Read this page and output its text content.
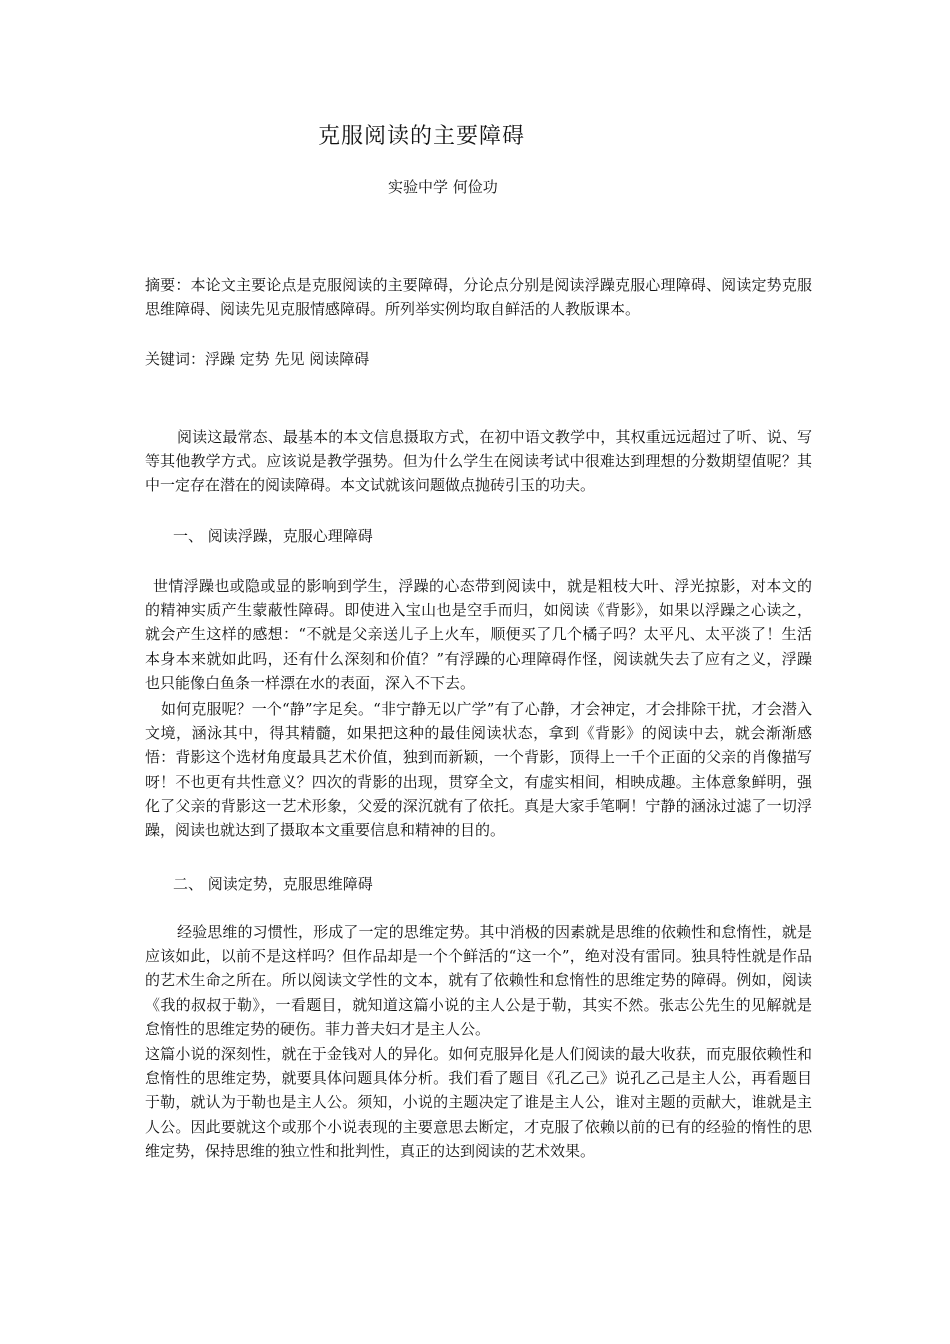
克服阅读的主要障碍
实验中学 何俭功
摘要：本论文主要论点是克服阅读的主要障碍，分论点分别是阅读浮躁克服心理障碍、阅读定势克服思维障碍、阅读先见克服情感障碍。所列举实例均取自鲜活的人教版课本。
关键词：浮躁 定势 先见 阅读障碍
阅读这最常态、最基本的本文信息摄取方式，在初中语文教学中，其权重远远超过了听、说、写等其他教学方式。应该说是教学强势。但为什么学生在阅读考试中很难达到理想的分数期望值呢？其中一定存在潜在的阅读障碍。本文试就该问题做点抛砖引玉的功夫。
一、 阅读浮躁，克服心理障碍
世情浮躁也或隐或显的影响到学生，浮躁的心态带到阅读中，就是粗枝大叶、浮光掠影，对本文的的精神实质产生蒙蔽性障碍。即使进入宝山也是空手而归，如阅读《背影》，如果以浮躁之心读之，就会产生这样的感想：“不就是父亲送儿子上火车，顺便买了几个橘子吗？太平凡、太平淡了！生活本身本来就如此吗，还有什么深刻和价值？”有浮躁的心理障碍作怪，阅读就失去了应有之义，浮躁也只能像白鱼条一样漂在水的表面，深入不下去。
如何克服呢？一个“静”字足矣。“非宁静无以广学”有了心静，才会神定，才会排除干扰，才会潜入文境，涵泳其中，得其精髓，如果把这种的最佳阅读状态，拿到《背影》的阅读中去，就会渐渐感悟：背影这个选材角度最具艺术价值，独到而新颖，一个背影，顶得上一千个正面的父亲的肖像描写呀！不也更有共性意义？四次的背影的出现，贯穿全文，有虚实相间，相映成趣。主体意象鲜明，强化了父亲的背影这一艺术形象，父爱的深沉就有了依托。真是大家手笔啊！宁静的涵泳过滤了一切浮躁，阅读也就达到了摄取本文重要信息和精神的目的。
二、 阅读定势，克服思维障碍
经验思维的习惯性，形成了一定的思维定势。其中消极的因素就是思维的依赖性和怠惰性，就是应该如此，以前不是这样吗？但作品却是一个个鲜活的“这一个”，绝对没有雷同。独具特性就是作品的艺术生命之所在。所以阅读文学性的文本，就有了依赖性和怠惰性的思维定势的障碍。例如，阅读《我的叔叔于勒》，一看题目，就知道这篇小说的主人公是于勒，其实不然。张志公先生的见解就是怠惰性的思维定势的硬伤。菲力普夫妇才是主人公。
这篇小说的深刻性，就在于金钱对人的异化。如何克服异化是人们阅读的最大收获，而克服依赖性和怠惰性的思维定势，就要具体问题具体分析。我们看了题目《孔乙己》说孔乙己是主人公，再看题目于勒，就认为于勒也是主人公。须知，小说的主题决定了谁是主人公，谁对主题的贡献大，谁就是主人公。因此要就这个或那个小说表现的主要意思去断定，才克服了依赖以前的已有的经验的惰性的思维定势，保持思维的独立性和批判性，真正的达到阅读的艺术效果。
